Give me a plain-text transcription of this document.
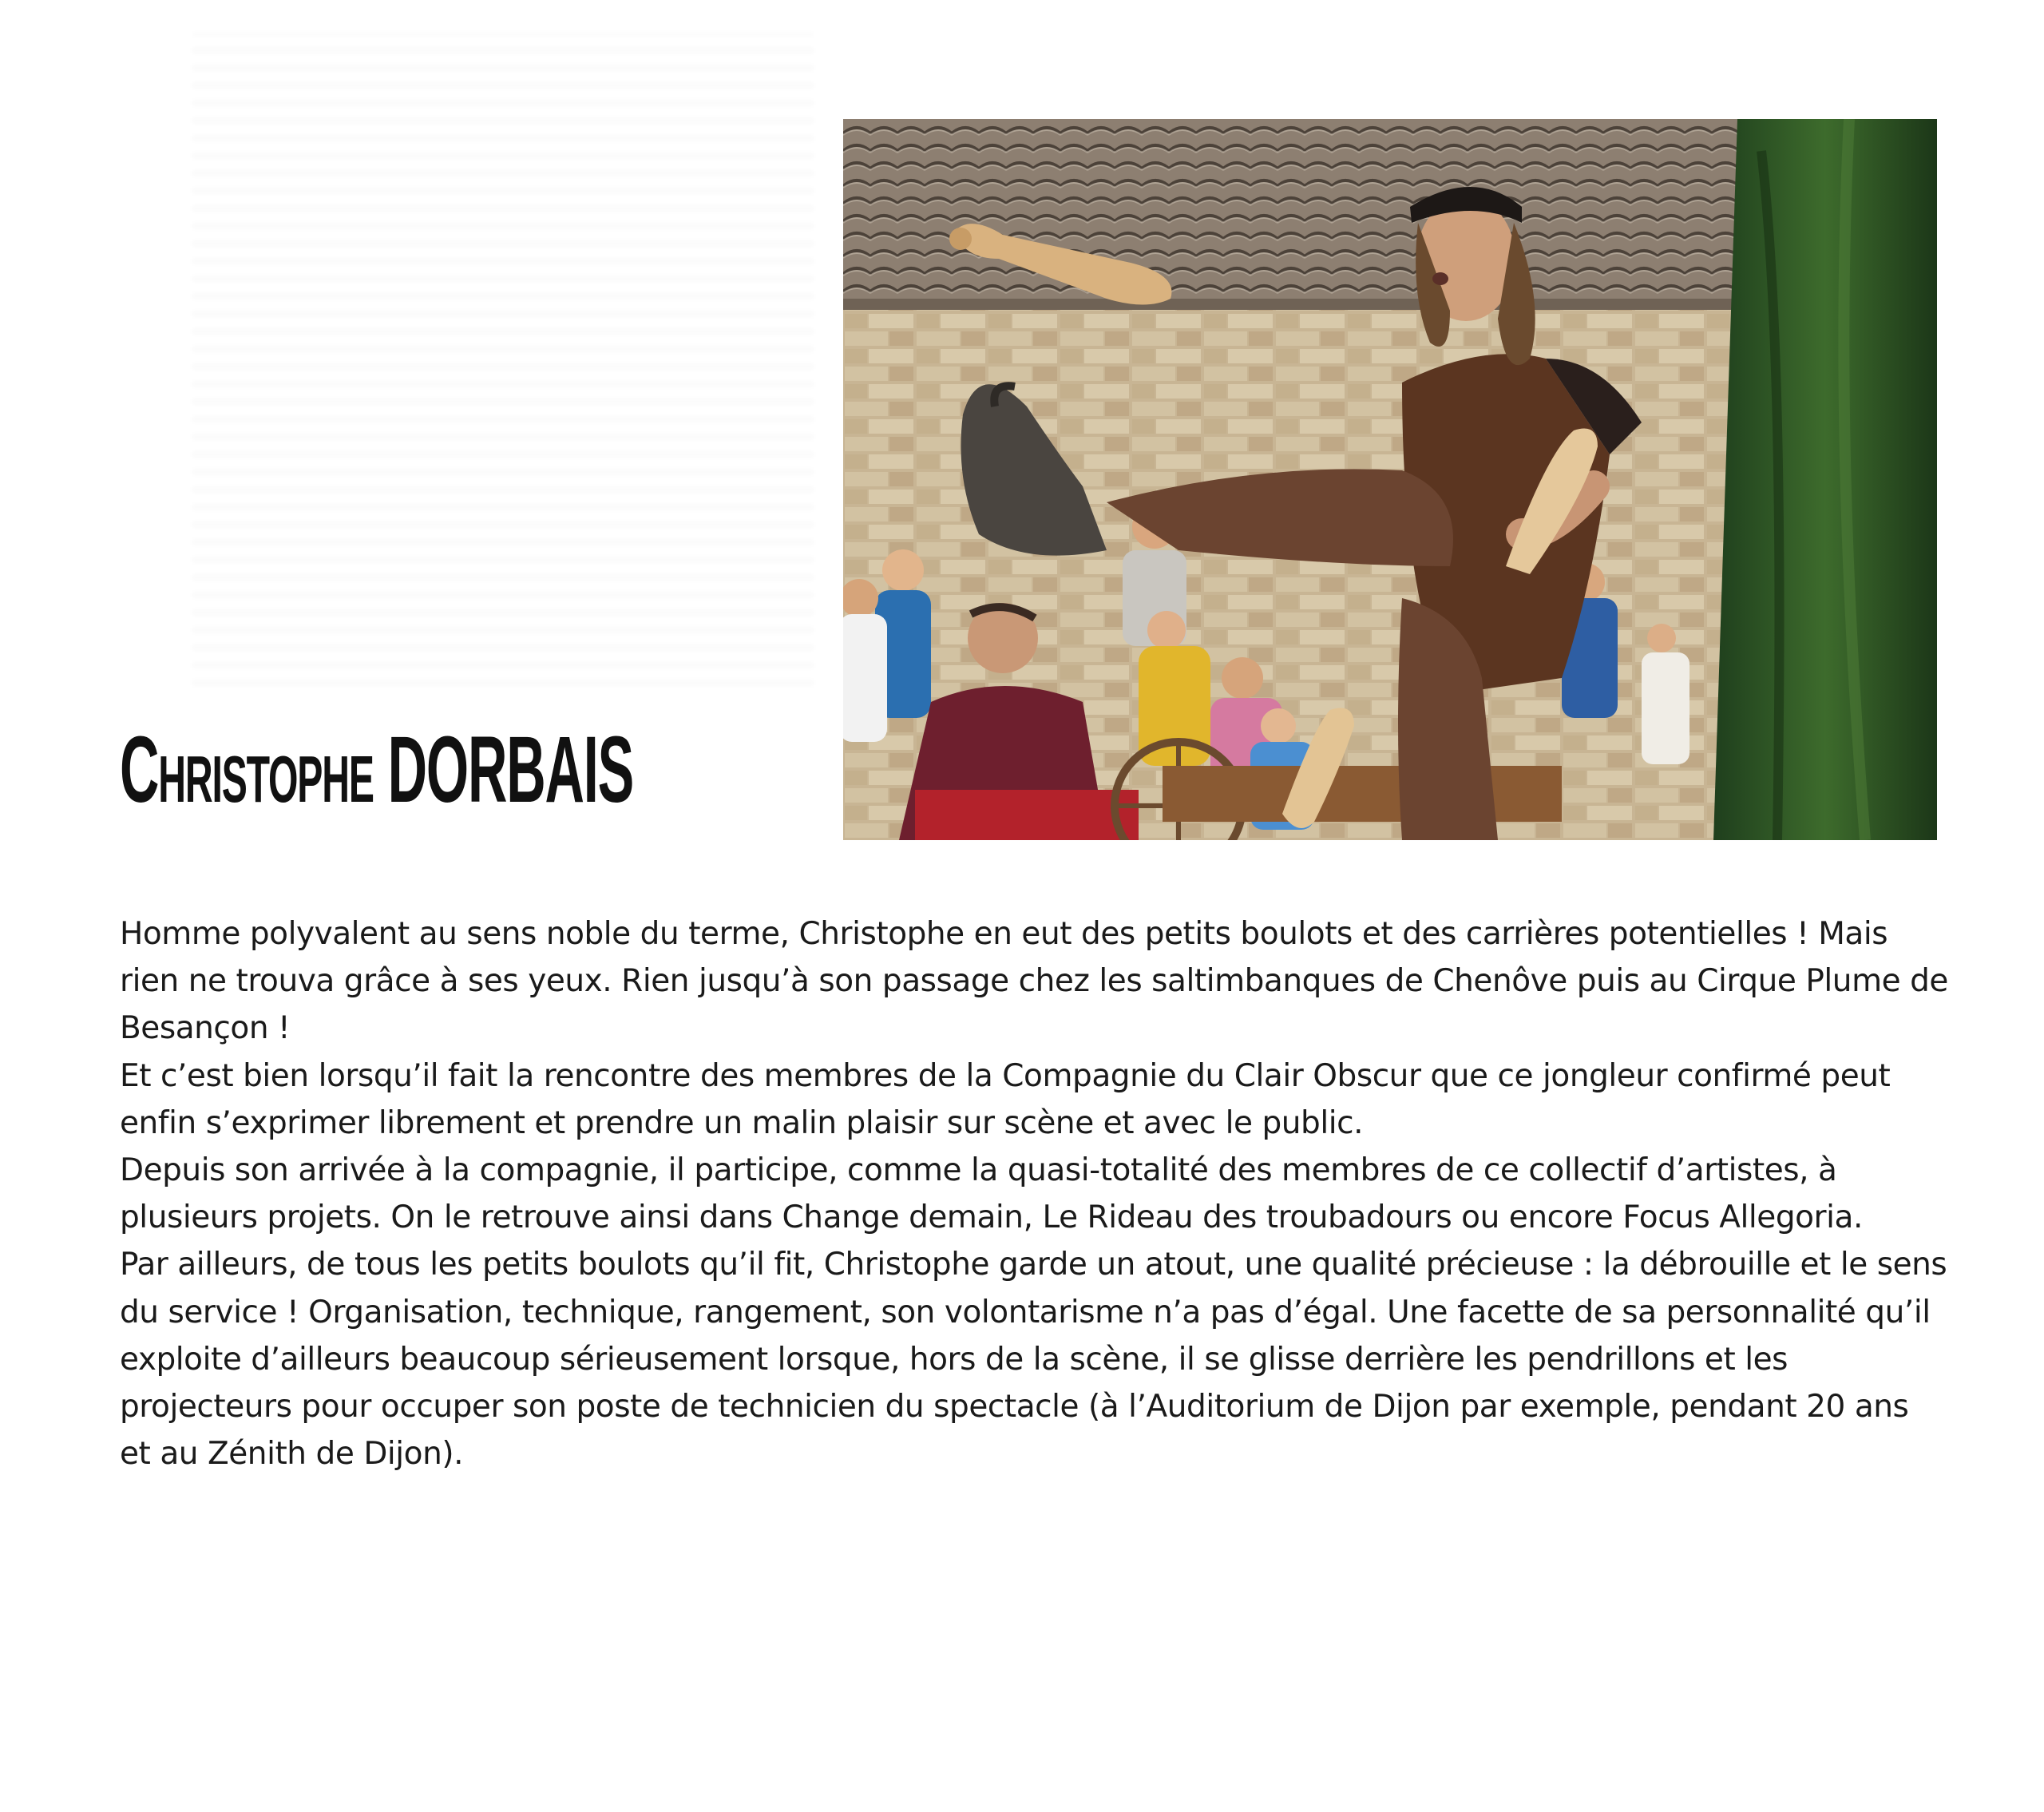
Christophe DORBAIS

Homme polyvalent au sens noble du terme, Christophe en eut des petits boulots et des carrières potentielles ! Mais rien ne trouva grâce à ses yeux. Rien jusqu’à son passage chez les saltimbanques de Chenôve puis au Cirque Plume de Besançon !

Et c’est bien lorsqu’il fait la rencontre des membres de la Compagnie du Clair Obscur que ce jongleur confirmé peut enfin s’exprimer librement et prendre un malin plaisir sur scène et avec le public.

Depuis son arrivée à la compagnie, il participe, comme la quasi-totalité des membres de ce collectif d’artistes, à plusieurs projets. On le retrouve ainsi dans Change demain, Le Rideau des troubadours ou encore Focus Allegoria.

Par ailleurs, de tous les petits boulots qu’il fit, Christophe garde un atout, une qualité précieuse : la débrouille et le sens du service ! Organisation, technique, rangement, son volontarisme n’a pas d’égal. Une facette de sa personnalité qu’il exploite d’ailleurs beaucoup sérieusement lorsque, hors de la scène, il se glisse derrière les pendrillons et les projecteurs pour occuper son poste de technicien du spectacle (à l’Auditorium de Dijon par exemple, pendant 20 ans et au Zénith de Dijon).
